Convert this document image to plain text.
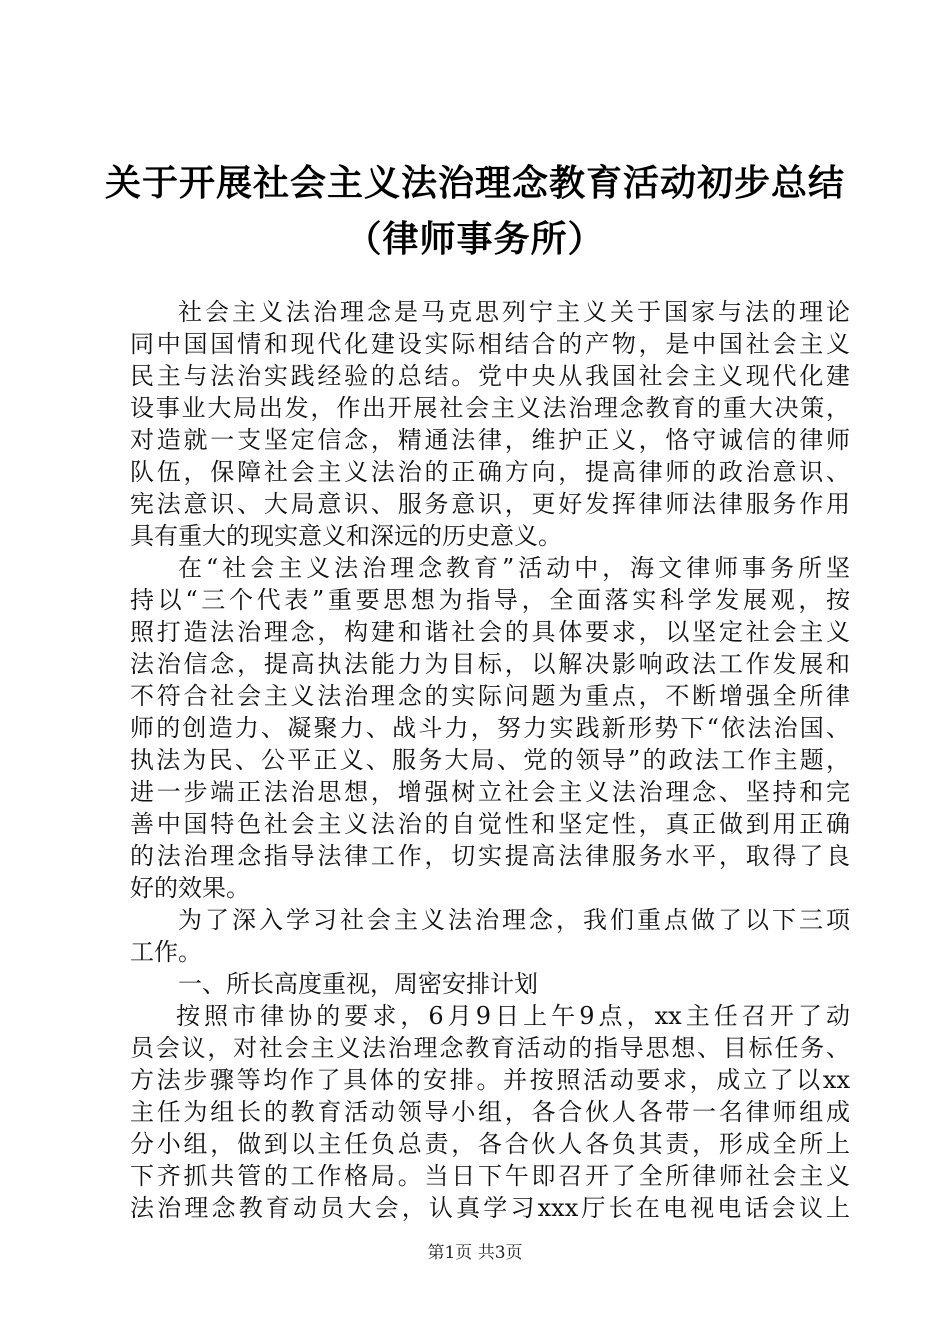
关于开展社会主义法治理念教育活动初步总结
（律师事务所）
社会主义法治理念是马克思列宁主义关于国家与法的理论
同中国国情和现代化建设实际相结合的产物，是中国社会主义
民主与法治实践经验的总结。党中央从我国社会主义现代化建
设事业大局出发，作出开展社会主义法治理念教育的重大决策，
对造就一支坚定信念，精通法律，维护正义，恪守诚信的律师
队伍，保障社会主义法治的正确方向，提高律师的政治意识、
宪法意识、大局意识、服务意识，更好发挥律师法律服务作用
具有重大的现实意义和深远的历史意义。
在“社会主义法治理念教育”活动中，海文律师事务所坚
持以“三个代表”重要思想为指导，全面落实科学发展观，按
照打造法治理念，构建和谐社会的具体要求，以坚定社会主义
法治信念，提高执法能力为目标，以解决影响政法工作发展和
不符合社会主义法治理念的实际问题为重点，不断增强全所律
师的创造力、凝聚力、战斗力，努力实践新形势下“依法治国、
执法为民、公平正义、服务大局、党的领导”的政法工作主题，
进一步端正法治思想，增强树立社会主义法治理念、坚持和完
善中国特色社会主义法治的自觉性和坚定性，真正做到用正确
的法治理念指导法律工作，切实提高法律服务水平，取得了良
好的效果。
为了深入学习社会主义法治理念，我们重点做了以下三项
工作。
一、所长高度重视，周密安排计划
按照市律协的要求，6月9日上午9点，xx主任召开了动
员会议，对社会主义法治理念教育活动的指导思想、目标任务、
方法步骤等均作了具体的安排。并按照活动要求，成立了以xx
主任为组长的教育活动领导小组，各合伙人各带一名律师组成
分小组，做到以主任负总责，各合伙人各负其责，形成全所上
下齐抓共管的工作格局。当日下午即召开了全所律师社会主义
法治理念教育动员大会，认真学习xxx厅长在电视电话会议上
第1页 共3页
